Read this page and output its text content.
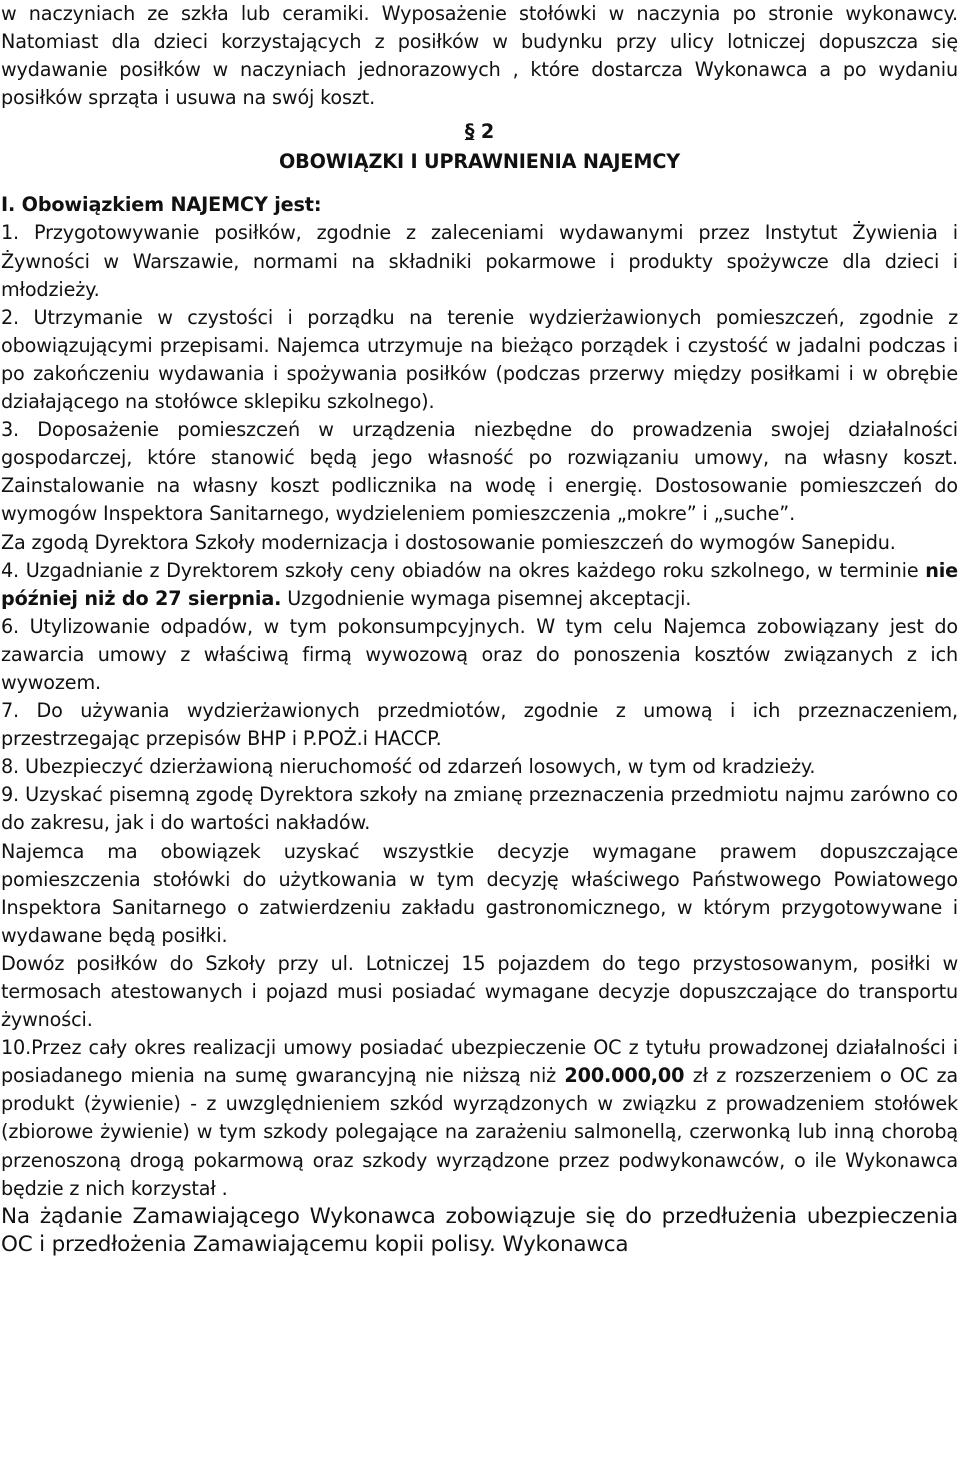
w naczyniach ze szkła lub ceramiki. Wyposażenie stołówki w naczynia po stronie wykonawcy. Natomiast dla dzieci korzystających z posiłków w budynku przy ulicy lotniczej dopuszcza się wydawanie posiłków w naczyniach jednorazowych , które dostarcza Wykonawca a po wydaniu posiłków sprząta i usuwa na swój koszt.

§ 2

OBOWIĄZKI I UPRAWNIENIA NAJEMCY

I. Obowiązkiem NAJEMCY jest:

1. Przygotowywanie posiłków, zgodnie z zaleceniami wydawanymi przez Instytut Żywienia i Żywności w Warszawie, normami na składniki pokarmowe i produkty spożywcze dla dzieci i młodzieży.

2. Utrzymanie w czystości i porządku na terenie wydzierżawionych pomieszczeń, zgodnie z obowiązującymi przepisami. Najemca utrzymuje na bieżąco porządek i czystość w jadalni podczas i po zakończeniu wydawania i spożywania posiłków (podczas przerwy między posiłkami i w obrębie działającego na stołówce sklepiku szkolnego).

3. Doposażenie pomieszczeń w urządzenia niezbędne do prowadzenia swojej działalności gospodarczej, które stanowić będą jego własność po rozwiązaniu umowy, na własny koszt. Zainstalowanie na własny koszt podlicznika na wodę i energię. Dostosowanie pomieszczeń do wymogów Inspektora Sanitarnego, wydzieleniem pomieszczenia „mokre” i „suche”.

Za zgodą Dyrektora Szkoły modernizacja i dostosowanie pomieszczeń do wymogów Sanepidu.

4. Uzgadnianie z Dyrektorem szkoły ceny obiadów na okres każdego roku szkolnego, w terminie nie później niż do 27 sierpnia. Uzgodnienie wymaga pisemnej akceptacji.

6. Utylizowanie odpadów, w tym pokonsumpcyjnych. W tym celu Najemca zobowiązany jest do zawarcia umowy z właściwą firmą wywozową oraz do ponoszenia kosztów związanych z ich wywozem.

7. Do używania wydzierżawionych przedmiotów, zgodnie z umową i ich przeznaczeniem, przestrzegając przepisów BHP i P.POŻ.i HACCP.

8. Ubezpieczyć dzierżawioną nieruchomość od zdarzeń losowych, w tym od kradzieży.

9. Uzyskać pisemną zgodę Dyrektora szkoły na zmianę przeznaczenia przedmiotu najmu zarówno co do zakresu, jak i do wartości nakładów.

Najemca ma obowiązek uzyskać wszystkie decyzje wymagane prawem dopuszczające pomieszczenia stołówki do użytkowania w tym decyzję właściwego Państwowego Powiatowego Inspektora Sanitarnego o zatwierdzeniu zakładu gastronomicznego, w którym przygotowywane i wydawane będą posiłki.

Dowóz posiłków do Szkoły przy ul. Lotniczej 15 pojazdem do tego przystosowanym, posiłki w termosach atestowanych i pojazd musi posiadać wymagane decyzje dopuszczające do transportu żywności.

10.Przez cały okres realizacji umowy posiadać ubezpieczenie OC z tytułu prowadzonej działalności i posiadanego mienia na sumę gwarancyjną nie niższą niż 200.000,00 zł z rozszerzeniem o OC za produkt (żywienie) - z uwzględnieniem szkód wyrządzonych w związku z prowadzeniem stołówek (zbiorowe żywienie) w tym szkody polegające na zarażeniu salmonellą, czerwonką lub inną chorobą przenoszoną drogą pokarmową oraz szkody wyrządzone przez podwykonawców, o ile Wykonawca będzie z nich korzystał .

Na żądanie Zamawiającego Wykonawca zobowiązuje się do przedłużenia ubezpieczenia OC i przedłożenia Zamawiającemu kopii polisy. Wykonawca
